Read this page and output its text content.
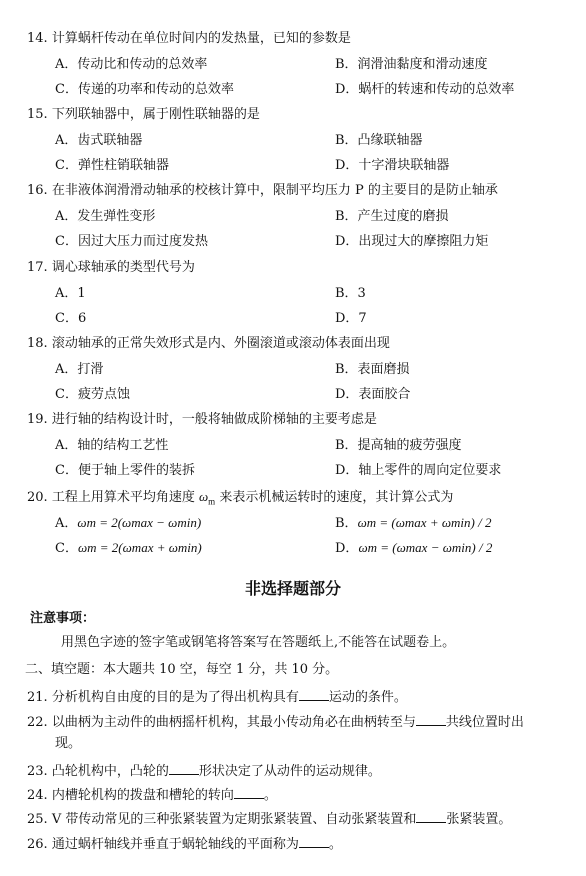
14. 计算蜗杆传动在单位时间内的发热量，已知的参数是
A．传动比和传动的总效率	B．润滑油黏度和滑动速度
C．传递的功率和传动的总效率	D．蜗杆的转速和传动的总效率
15. 下列联轴器中，属于刚性联轴器的是
A．齿式联轴器	B．凸缘联轴器
C．弹性柱销联轴器	D．十字滑块联轴器
16. 在非液体润滑滑动轴承的校核计算中，限制平均压力 P 的主要目的是防止轴承
A．发生弹性变形	B．产生过度的磨损
C．因过大压力而过度发热	D．出现过大的摩擦阻力矩
17. 调心球轴承的类型代号为
A．1	B．3
C．6	D．7
18. 滚动轴承的正常失效形式是内、外圈滚道或滚动体表面出现
A．打滑	B．表面磨损
C．疲劳点蚀	D．表面胶合
19. 进行轴的结构设计时，一般将轴做成阶梯轴的主要考虑是
A．轴的结构工艺性	B．提高轴的疲劳强度
C．便于轴上零件的装拆	D．轴上零件的周向定位要求
20. 工程上用算术平均角速度 $\omega_m$ 来表示机械运转时的速度，其计算公式为
A．ωm = 2(ωmax − ωmin)	B．ωm = (ωmax + ωmin) / 2
C．ωm = 2(ωmax + ωmin)	D．ωm = (ωmax − ωmin) / 2
非选择题部分
注意事项：
用黑色字迹的签字笔或钢笔将答案写在答题纸上,不能答在试题卷上。
二、填空题：本大题共 10 空，每空 1 分，共 10 分。
21. 分析机构自由度的目的是为了得出机构具有 运动的条件。
22. 以曲柄为主动件的曲柄摇杆机构，其最小传动角必在曲柄转至与 共线位置时出
现。
23. 凸轮机构中，凸轮的 形状决定了从动件的运动规律。
24. 内槽轮机构的拨盘和槽轮的转向 。
25. V 带传动常见的三种张紧装置为定期张紧装置、自动张紧装置和 张紧装置。
26. 通过蜗杆轴线并垂直于蜗轮轴线的平面称为 。
